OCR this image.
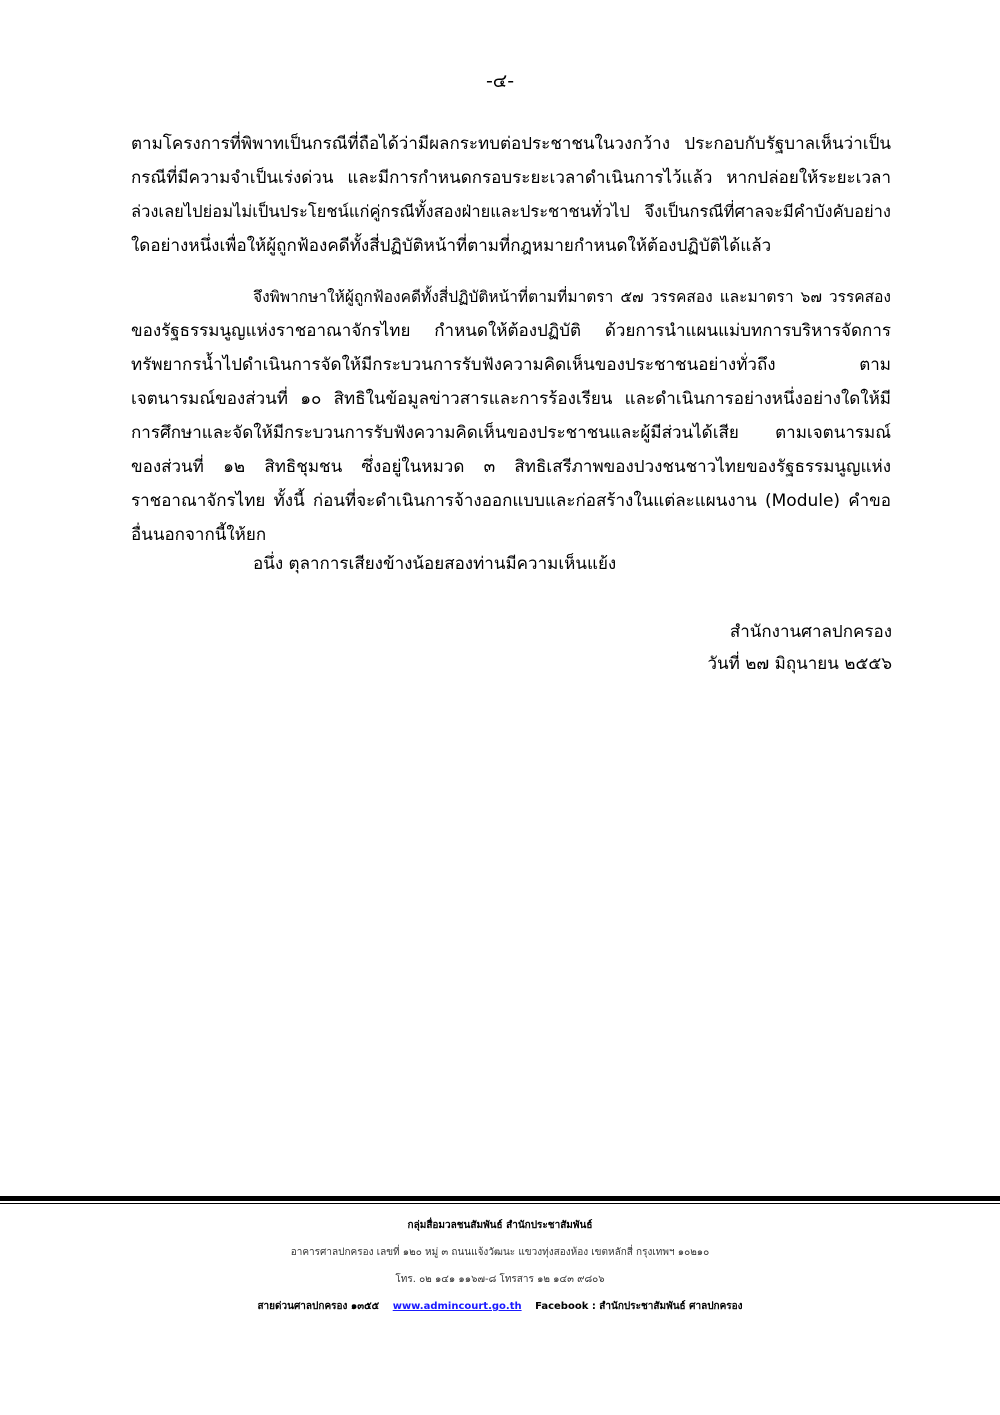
-๔-
ตามโครงการที่พิพาทเป็นกรณีที่ถือได้ว่ามีผลกระทบต่อประชาชนในวงกว้าง ประกอบกับรัฐบาลเห็นว่าเป็น
กรณีที่มีความจำเป็นเร่งด่วน และมีการกำหนดกรอบระยะเวลาดำเนินการไว้แล้ว หากปล่อยให้ระยะเวลา
ล่วงเลยไปย่อมไม่เป็นประโยชน์แก่คู่กรณีทั้งสองฝ่ายและประชาชนทั่วไป จึงเป็นกรณีที่ศาลจะมีคำบังคับอย่าง
ใดอย่างหนึ่งเพื่อให้ผู้ถูกฟ้องคดีทั้งสี่ปฏิบัติหน้าที่ตามที่กฎหมายกำหนดให้ต้องปฏิบัติได้แล้ว
จึงพิพากษาให้ผู้ถูกฟ้องคดีทั้งสี่ปฏิบัติหน้าที่ตามที่มาตรา ๕๗ วรรคสอง และมาตรา ๖๗ วรรคสอง
ของรัฐธรรมนูญแห่งราชอาณาจักรไทย กำหนดให้ต้องปฏิบัติ ด้วยการนำแผนแม่บทการบริหารจัดการ
ทรัพยากรน้ำไปดำเนินการจัดให้มีกระบวนการรับฟังความคิดเห็นของประชาชนอย่างทั่วถึง ตาม
เจตนารมณ์ของส่วนที่ ๑๐ สิทธิในข้อมูลข่าวสารและการร้องเรียน และดำเนินการอย่างหนึ่งอย่างใดให้มี
การศึกษาและจัดให้มีกระบวนการรับฟังความคิดเห็นของประชาชนและผู้มีส่วนได้เสีย ตามเจตนารมณ์
ของส่วนที่ ๑๒ สิทธิชุมชน ซึ่งอยู่ในหมวด ๓ สิทธิเสรีภาพของปวงชนชาวไทยของรัฐธรรมนูญแห่ง
ราชอาณาจักรไทย ทั้งนี้ ก่อนที่จะดำเนินการจ้างออกแบบและก่อสร้างในแต่ละแผนงาน (Module) คำขอ
อื่นนอกจากนี้ให้ยก
อนึ่ง ตุลาการเสียงข้างน้อยสองท่านมีความเห็นแย้ง
สำนักงานศาลปกครอง
วันที่ ๒๗ มิถุนายน ๒๕๕๖
กลุ่มสื่อมวลชนสัมพันธ์ สำนักประชาสัมพันธ์
อาคารศาลปกครอง เลขที่ ๑๒๐ หมู่ ๓ ถนนแจ้งวัฒนะ แขวงทุ่งสองห้อง เขตหลักสี่ กรุงเทพฯ ๑๐๒๑๐
โทร. ๐๒ ๑๔๑ ๑๑๖๗-๘ โทรสาร ๑๒ ๑๔๓ ๙๘๐๖
สายด่วนศาลปกครอง ๑๓๕๕ www.admincourt.go.th Facebook : สำนักประชาสัมพันธ์ ศาลปกครอง
